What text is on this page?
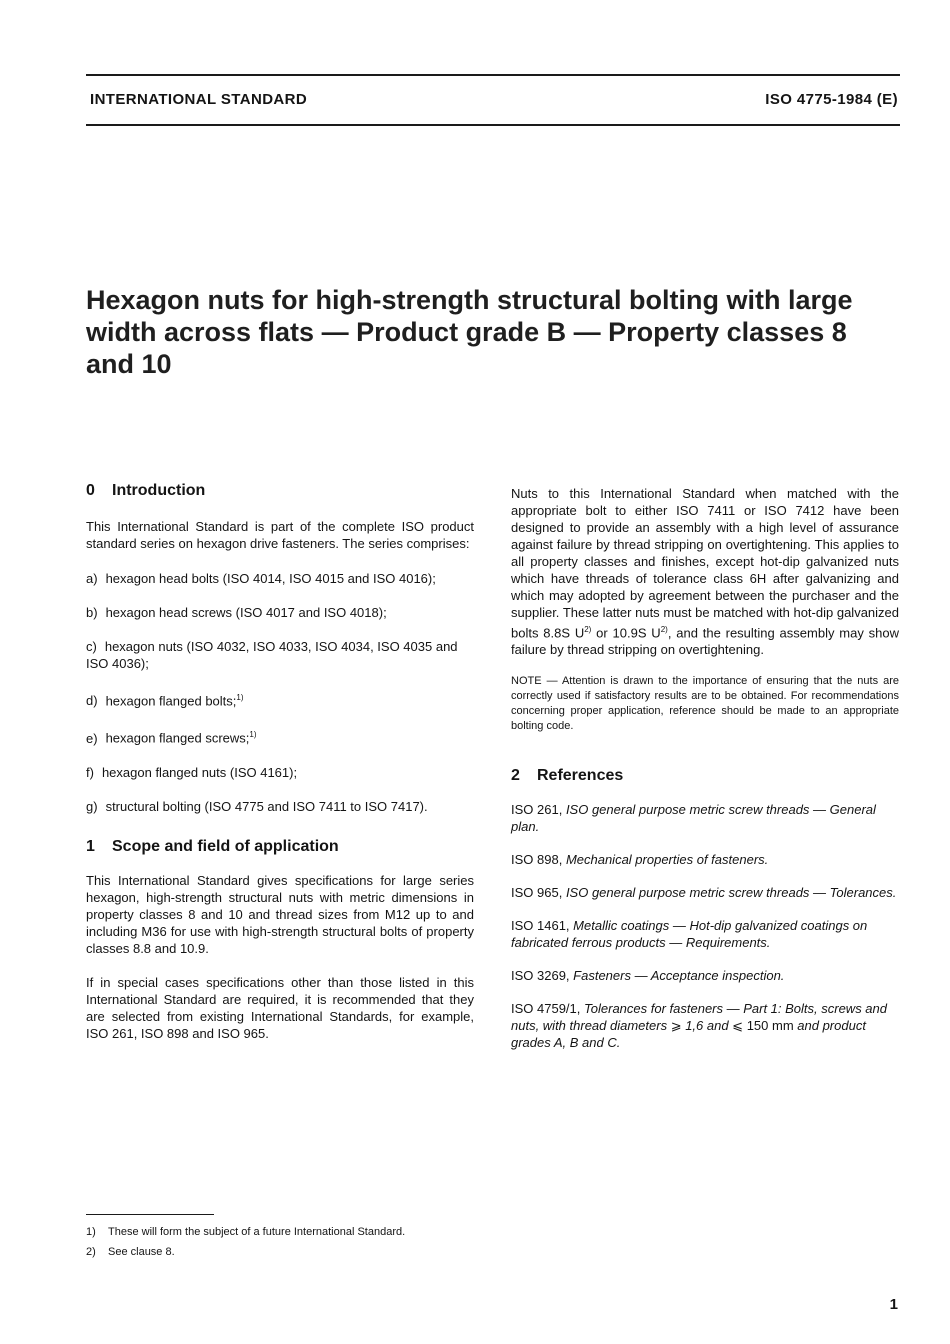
INTERNATIONAL STANDARD	ISO 4775-1984 (E)
Hexagon nuts for high-strength structural bolting with large width across flats — Product grade B — Property classes 8 and 10
0 Introduction

This International Standard is part of the complete ISO product standard series on hexagon drive fasteners. The series comprises:

a) hexagon head bolts (ISO 4014, ISO 4015 and ISO 4016);

b) hexagon head screws (ISO 4017 and ISO 4018);

c) hexagon nuts (ISO 4032, ISO 4033, ISO 4034, ISO 4035 and ISO 4036);

d) hexagon flanged bolts;$^{1)}$

e) hexagon flanged screws;$^{1)}$

f) hexagon flanged nuts (ISO 4161);

g) structural bolting (ISO 4775 and ISO 7411 to ISO 7417).

1 Scope and field of application

This International Standard gives specifications for large series hexagon, high-strength structural nuts with metric dimensions in property classes 8 and 10 and thread sizes from M12 up to and including M36 for use with high-strength structural bolts of property classes 8.8 and 10.9.

If in special cases specifications other than those listed in this International Standard are required, it is recommended that they are selected from existing International Standards, for example, ISO 261, ISO 898 and ISO 965.

Nuts to this International Standard when matched with the appropriate bolt to either ISO 7411 or ISO 7412 have been designed to provide an assembly with a high level of assurance against failure by thread stripping on overtightening. This applies to all property classes and finishes, except hot-dip galvanized nuts which have threads of tolerance class 6H after galvanizing and which may adopted by agreement between the purchaser and the supplier. These latter nuts must be matched with hot-dip galvanized bolts 8.8S $U^{2)}$ or 10.9S $U^{2)}$, and the resulting assembly may show failure by thread stripping on overtightening.

NOTE — Attention is drawn to the importance of ensuring that the nuts are correctly used if satisfactory results are to be obtained. For recommendations concerning proper application, reference should be made to an appropriate bolting code.

2 References

ISO 261, ISO general purpose metric screw threads — General plan.

ISO 898, Mechanical properties of fasteners.

ISO 965, ISO general purpose metric screw threads — Tolerances.

ISO 1461, Metallic coatings — Hot-dip galvanized coatings on fabricated ferrous products — Requirements.

ISO 3269, Fasteners — Acceptance inspection.

ISO 4759/1, Tolerances for fasteners — Part 1: Bolts, screws and nuts, with thread diameters ⩾ 1,6 and ⩽ 150 mm and product grades A, B and C.

1) These will form the subject of a future International Standard.
2) See clause 8.
1
